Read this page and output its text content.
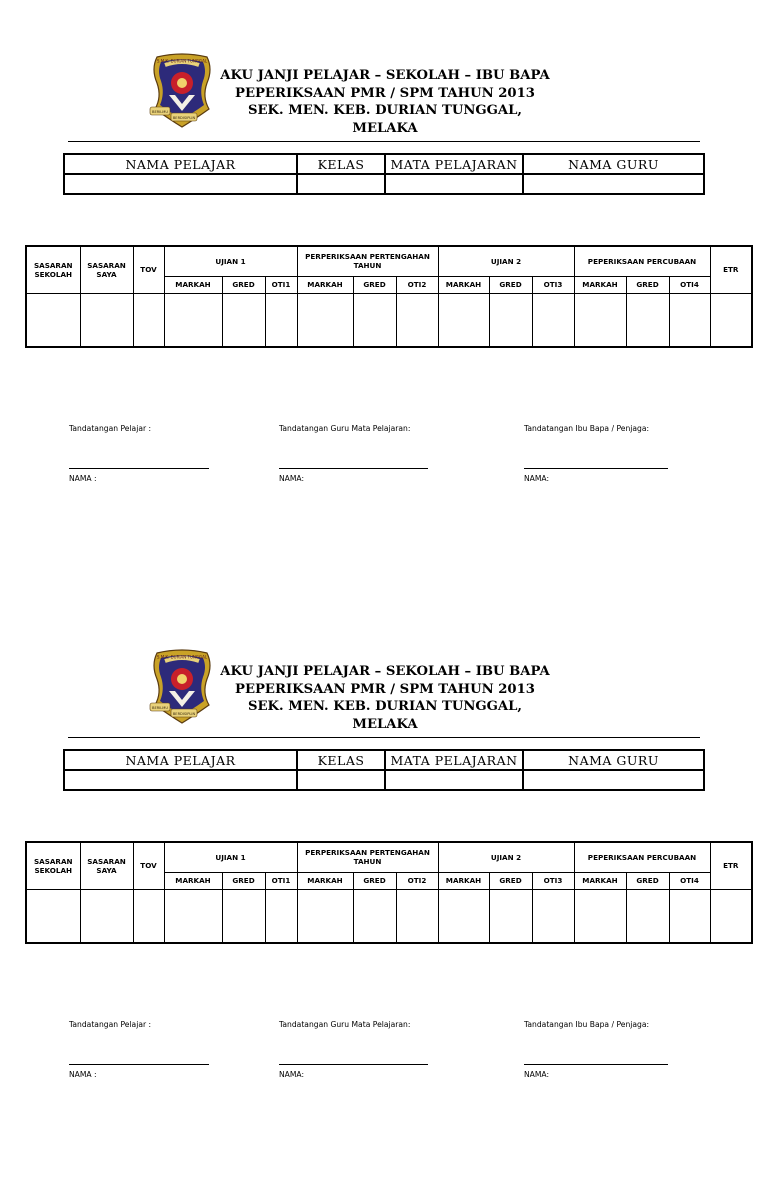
S.M.K. DURIAN TUNGGAL
BERILMU
BERDISIPLIN
AKU JANJI PELAJAR – SEKOLAH – IBU BAPA
PEPERIKSAAN PMR / SPM TAHUN 2013
SEK. MEN. KEB. DURIAN TUNGGAL, MELAKA
NAMA PELAJAR	KELAS	MATA PELAJARAN	NAMA GURU

SASARAN SEKOLAH	SASARAN SAYA	TOV	UJIAN 1			PERPERIKSAAN PERTENGAHAN TAHUN			UJIAN 2			PEPERIKSAAN PERCUBAAN			ETR
			MARKAH	GRED	OTI1	MARKAH	GRED	OTI2	MARKAH	GRED	OTI3	MARKAH	GRED	OTI4	

Tandatangan Pelajar :
NAMA :
Tandatangan Guru Mata Pelajaran:
NAMA:
Tandatangan Ibu Bapa / Penjaga:
NAMA:
S.M.K. DURIAN TUNGGAL
BERILMU
BERDISIPLIN
AKU JANJI PELAJAR – SEKOLAH – IBU BAPA
PEPERIKSAAN PMR / SPM TAHUN 2013
SEK. MEN. KEB. DURIAN TUNGGAL, MELAKA
NAMA PELAJAR	KELAS	MATA PELAJARAN	NAMA GURU

SASARAN SEKOLAH	SASARAN SAYA	TOV	UJIAN 1			PERPERIKSAAN PERTENGAHAN TAHUN			UJIAN 2			PEPERIKSAAN PERCUBAAN			ETR
			MARKAH	GRED	OTI1	MARKAH	GRED	OTI2	MARKAH	GRED	OTI3	MARKAH	GRED	OTI4	

Tandatangan Pelajar :
NAMA :
Tandatangan Guru Mata Pelajaran:
NAMA:
Tandatangan Ibu Bapa / Penjaga:
NAMA:
